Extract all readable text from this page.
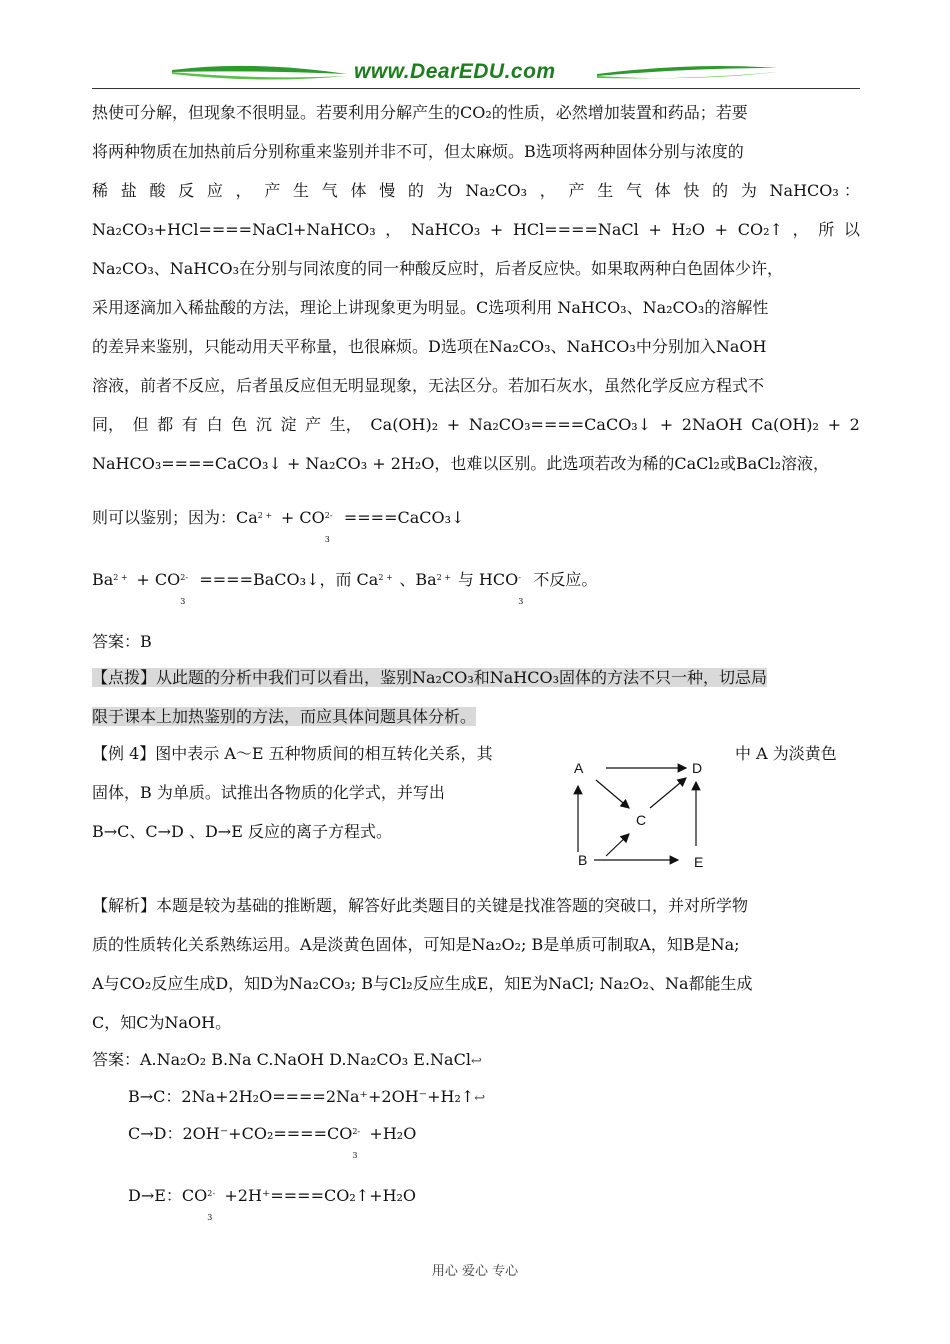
www.DearEDU.com
热使可分解，但现象不很明显。若要利用分解产生的CO₂的性质，必然增加装置和药品；若要
将两种物质在加热前后分别称重来鉴别并非不可，但太麻烦。B选项将两种固体分别与浓度的
稀 盐 酸 反 应 ， 产 生 气 体 慢 的 为 Na₂CO₃ ， 产 生 气 体 快 的 为 NaHCO₃ ：
Na₂CO₃+HCl====NaCl+NaHCO₃ ， NaHCO₃ + HCl====NaCl + H₂O + CO₂↑ ， 所 以
Na₂CO₃、NaHCO₃在分别与同浓度的同一种酸反应时，后者反应快。如果取两种白色固体少许，
采用逐滴加入稀盐酸的方法，理论上讲现象更为明显。C选项利用 NaHCO₃、Na₂CO₃的溶解性
的差异来鉴别，只能动用天平称量，也很麻烦。D选项在Na₂CO₃、NaHCO₃中分别加入NaOH
溶液，前者不反应，后者虽反应但无明显现象，无法区分。若加石灰水，虽然化学反应方程式不
同， 但 都 有 白 色 沉 淀 产 生， Ca(OH)₂ + Na₂CO₃====CaCO₃↓ + 2NaOH Ca(OH)₂ + 2
NaHCO₃====CaCO₃↓ + Na₂CO₃ + 2H₂O，也难以区别。此选项若改为稀的CaCl₂或BaCl₂溶液，
则可以鉴别；因为：Ca 2 + + CO 2-
3
====CaCO₃↓
Ba 2 + + CO 2-
3
====BaCO₃↓，而 Ca 2 + 、Ba 2 + 与 HCO -
3
不反应。
答案：B
【点拨】从此题的分析中我们可以看出，鉴别Na₂CO₃和NaHCO₃固体的方法不只一种，切忌局
限于课本上加热鉴别的方法，而应具体问题具体分析。
【例 4】图中表示 A～E 五种物质间的相互转化关系，其	中 A 为淡黄色
固体，B 为单质。试推出各物质的化学式，并写出
B→C、C→D 、D→E 反应的离子方程式。
A	D
C
B	E
【解析】本题是较为基础的推断题，解答好此类题目的关键是找准答题的突破口，并对所学物
质的性质转化关系熟练运用。A是淡黄色固体，可知是Na₂O₂; B是单质可制取A，知B是Na;
A与CO₂反应生成D，知D为Na₂CO₃; B与Cl₂反应生成E，知E为NaCl; Na₂O₂、Na都能生成
C，知C为NaOH。
答案：A.Na₂O₂ B.Na C.NaOH D.Na₂CO₃ E.NaCl↩
B→C：2Na+2H₂O====2Na⁺+2OH⁻+H₂↑↩
C→D：2OH⁻+CO₂====CO 2-
3
+H₂O
D→E：CO 2-
3
+2H⁺====CO₂↑+H₂O
用心 爱心 专心
